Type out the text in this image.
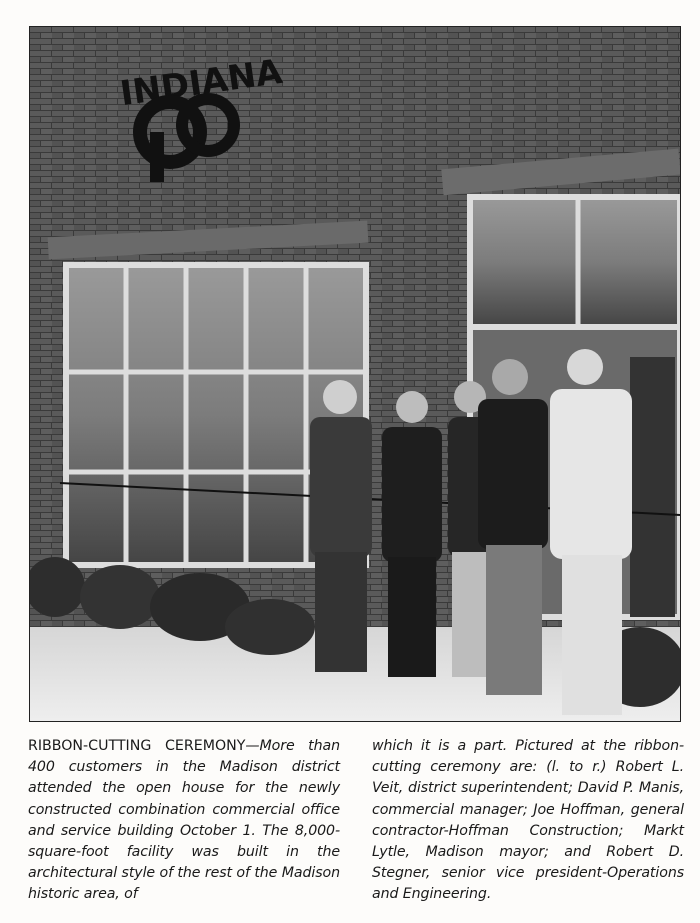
INDIANA
RIBBON-CUTTING CEREMONY—More than 400 customers in the Madison district attended the open house for the newly constructed combination commercial office and service building October 1. The 8,000-square-foot facility was built in the architectural style of the rest of the Madison historic area, of
which it is a part. Pictured at the ribbon-cutting ceremony are: (l. to r.) Robert L. Veit, district superintendent; David P. Manis, commercial manager; Joe Hoffman, general contractor-Hoffman Construction; Markt Lytle, Madison mayor; and Robert D. Stegner, senior vice president-Operations and Engineering.
